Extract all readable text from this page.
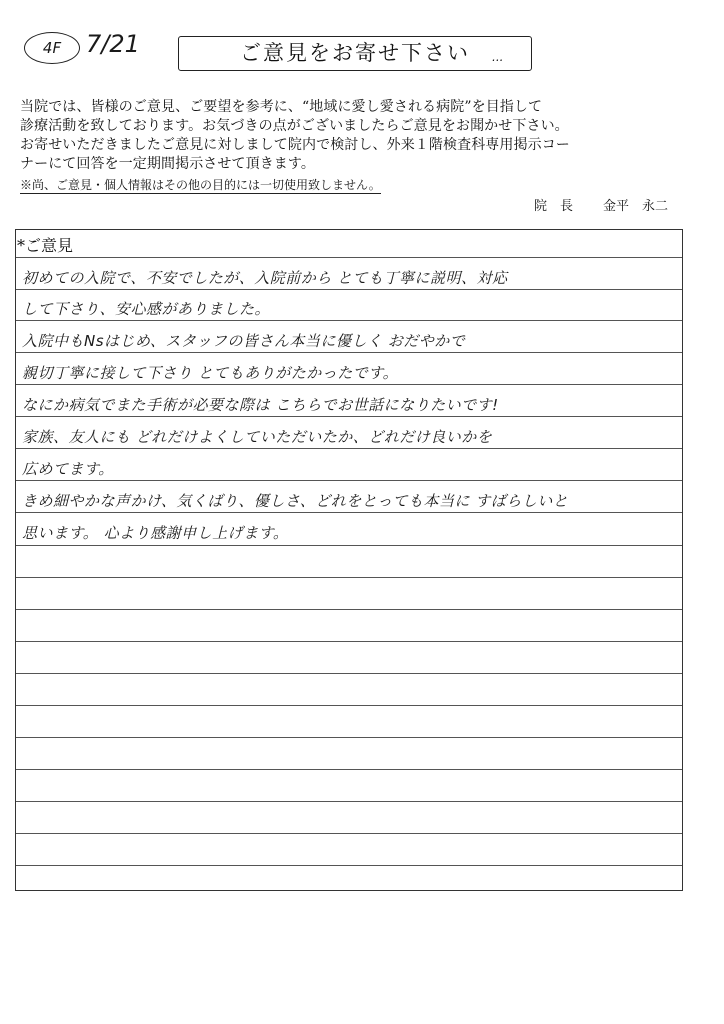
4F	7/21	ご意見をお寄せ下さい	...
当院では、皆様のご意見、ご要望を参考に、“地域に愛し愛される病院”を目指して
診療活動を致しております。お気づきの点がございましたらご意見をお聞かせ下さい。
お寄せいただきましたご意見に対しまして院内で検討し、外来１階検査科専用掲示コー
ナーにて回答を一定期間掲示させて頂きます。
※尚、ご意見・個人情報はその他の目的には一切使用致しません。
院　長 金平　永二
*ご意見
初めての入院で、不安でしたが、入院前から とても丁寧に説明、対応
して下さり、安心感がありました。
入院中もNsはじめ、スタッフの皆さん本当に優しく おだやかで
親切丁寧に接して下さり とてもありがたかったです。
なにか病気でまた手術が必要な際は こちらでお世話になりたいです!
家族、友人にも どれだけよくしていただいたか、どれだけ良いかを
広めてます。
きめ細やかな声かけ、気くばり、優しさ、どれをとっても本当に すばらしいと
思います。 心より感謝申し上げます。
